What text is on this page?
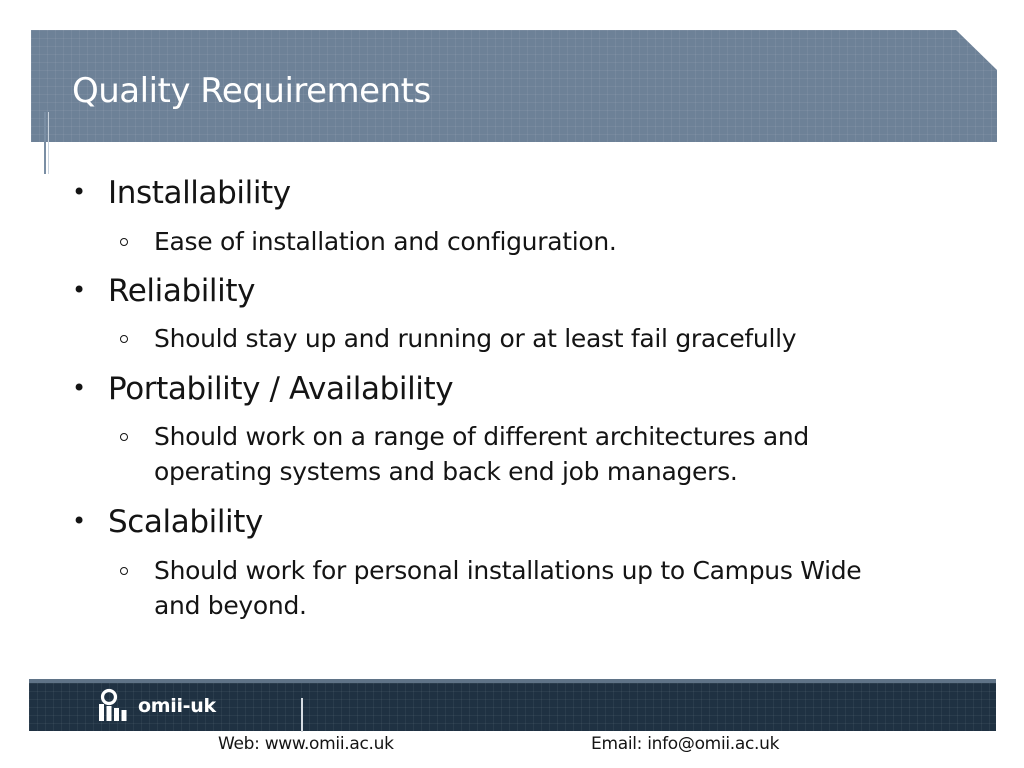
Quality Requirements
• Installability
Ease of installation and configuration.
• Reliability
Should stay up and running or at least fail gracefully
• Portability / Availability
Should work on a range of different architectures and operating systems and back end job managers.
• Scalability
Should work for personal installations up to Campus Wide and beyond.
omii-uk
Web: www.omii.ac.uk	Email: info@omii.ac.uk
